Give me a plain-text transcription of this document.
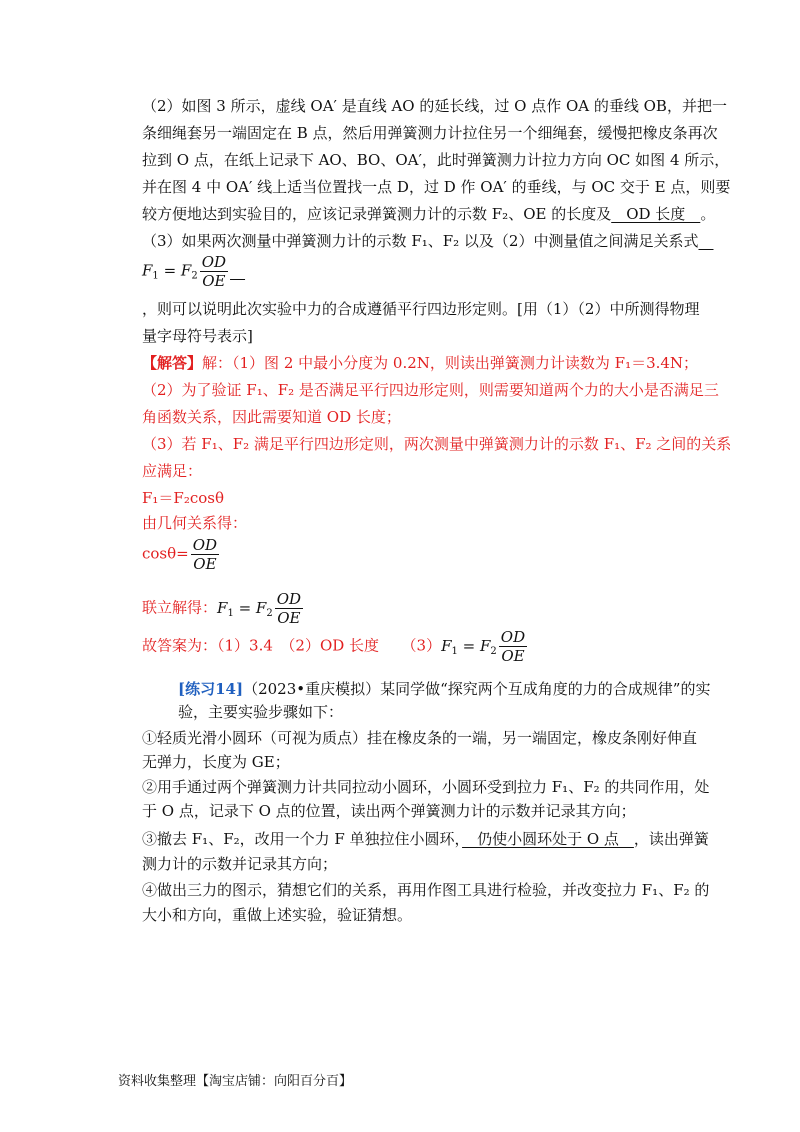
（2）如图 3 所示，虚线 OA′ 是直线 AO 的延长线，过 O 点作 OA 的垂线 OB，并把一
条细绳套另一端固定在 B 点，然后用弹簧测力计拉住另一个细绳套，缓慢把橡皮条再次
拉到 O 点，在纸上记录下 AO、BO、OA′，此时弹簧测力计拉力方向 OC 如图 4 所示，
并在图 4 中 OA′ 线上适当位置找一点 D，过 D 作 OA′ 的垂线，与 OC 交于 E 点，则要
较方便地达到实验目的，应该记录弹簧测力计的示数 F₂、OE 的长度及　OD 长度　。
（3）如果两次测量中弹簧测力计的示数 F₁、F₂ 以及（2）中测量值之间满足关系式　
$F_1 = F_2 \frac{OD}{OE}$

，则可以说明此次实验中力的合成遵循平行四边形定则。[用（1）（2）中所测得物理
量字母符号表示]
【解答】解：（1）图 2 中最小分度为 0.2N，则读出弹簧测力计读数为 F₁＝3.4N；
（2）为了验证 F₁、F₂ 是否满足平行四边形定则，则需要知道两个力的大小是否满足三
角函数关系，因此需要知道 OD 长度；
（3）若 F₁、F₂ 满足平行四边形定则，两次测量中弹簧测力计的示数 F₁、F₂ 之间的关系
应满足：
F₁＝F₂cosθ
由几何关系得：
$\cos\theta= \frac{OD}{OE}$
联立解得：$F_1 = F_2 \frac{OD}{OE}$
故答案为：（1）3.4　（2）OD 长度　　$(3)F_1 = F_2 \frac{OD}{OE}$
[练习14]（2023•重庆模拟）某同学做“探究两个互成角度的力的合成规律”的实
验，主要实验步骤如下：
①轻质光滑小圆环（可视为质点）挂在橡皮条的一端，另一端固定，橡皮条刚好伸直
无弹力，长度为 GE；
②用手通过两个弹簧测力计共同拉动小圆环，小圆环受到拉力 F₁、F₂ 的共同作用，处
于 O 点，记录下 O 点的位置，读出两个弹簧测力计的示数并记录其方向；
③撤去 F₁、F₂，改用一个力 F 单独拉住小圆环，　仍使小圆环处于 O 点　，读出弹簧
测力计的示数并记录其方向；
④做出三力的图示，猜想它们的关系，再用作图工具进行检验，并改变拉力 F₁、F₂ 的
大小和方向，重做上述实验，验证猜想。
资料收集整理【淘宝店铺：向阳百分百】
